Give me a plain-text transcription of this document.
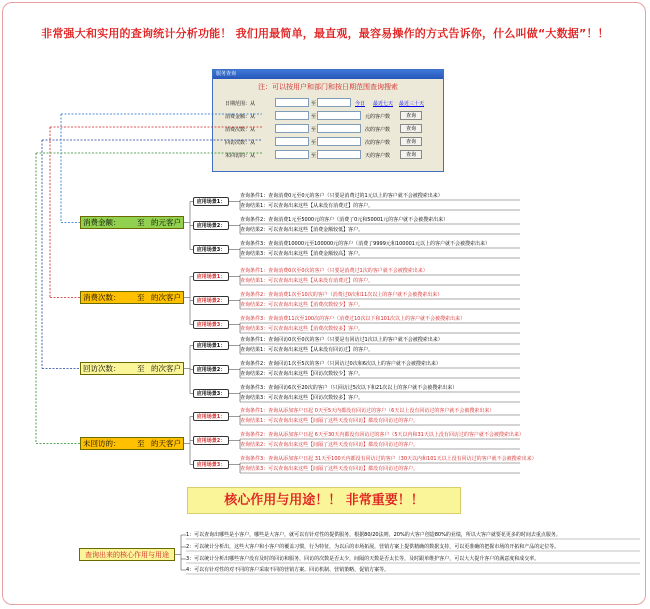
非常强大和实用的查询统计分析功能！ 我们用最简单，最直观，最容易操作的方式告诉你，什么叫做“大数据”！！
服务查询
注：可以按用户和部门和按日期范围查询搜索
日期范围：从	至	今日 最近七天 最近三十天
消费金额：从	至	元的客户数	查询
消费次数：从	至	次的客户数	查询
回访次数：从	至	次的客户数	查询
未回访的：从	至	天的客户数	查询
消费金额： 至 的元客户
应用场景1：
查询条件1：查询消费0元至0元的客户（只要是消费过的1元以上的客户就不会被搜索出来）
查询结果1：可以查询出来这些【从来没有消费过】的客户。
应用场景2：
查询条件2：查询消费1元至5000元的客户（消费了0元和50001元的客户就不会被搜索出来）
查询结果2：可以查询出来这些【消费金额较低】客户。
应用场景3：
查询条件3：查询消费10000元至100000元的客户（消费了9999元和100001元以上的客户就不会被搜索出来）
查询结果3：可以查询出来这些【消费金额较高】客户。
消费次数： 至 的次客户
应用场景1：
查询条件1：查询消费0次至0次的客户（只要是消费过1次的客户就不会被搜索出来）
查询结果1：可以查询出来这些【从来没有消费过】的客户。
应用场景2：
查询条件2：查询消费1次至10次的客户（消费过0次和11次以上的客户就不会被搜索出来）
查询结果2：可以查询出来这些【消费次数较少】客户。
应用场景3：
查询条件3：查询消费11次至100次的客户（消费过10次以下和101次以上的客户就不会被搜索出来）
查询结果3：可以查询出来这些【消费次数较多】客户。
回访次数： 至 的次客户
应用场景1：
查询条件1：查询回访0次至0次的客户（只要是有回访过1次以上的客户就不会被搜索出来）
查询结果1：可以查询出来这些【从来没有回访过】的客户。
应用场景2：
查询条件2：查询回访1次至5次的客户（只回访过0次和6次以上的客户就不会被搜索出来）
查询结果2：可以查询出来这些【回访次数较少】客户。
应用场景3：
查询条件3：查询回访6次至20次的客户（只回访过5次以下和21次以上的客户就不会被搜索出来）
查询结果3：可以查询出来这些【回访次数较多】客户。
未回访的： 至 的天客户
应用场景1：
查询条件1：查询从添加客户日起 0天至5天内都没有回访过的客户（6天以上没有回访过的客户就不会被搜索出来）
查询结果1：可以查询出来这些【间隔了这些天没有回访】都没有回访过的客户。
应用场景2：
查询条件2：查询从添加客户日起 6天至30天内都没有回访过的客户（5天以内和31天以上没有回访过的客户就不会被搜索出来）
查询结果2：可以查询出来这些【间隔了这些天没有回访】都没有回访过的客户。
应用场景3：
查询条件3：查询从添加客户日起 31天至100天内都没有回访过的客户（30天以内和101天以上没有回访过的客户就不会被搜索出来）
查询结果3：可以查询出来这些【间隔了这些天没有回访】都没有回访过的客户。
核心作用与用途！！ 非常重要！！
查询出来的核心作用与用途
1：可以查询出哪些是小客户，哪些是大客户，就可以有针对性的提供服务，根据80/20法则，20%的大客户创造80%的业绩，所以大客户就要花更多的时间去重点服务。
2：可以统计分析出，这些大客户和小客户的覆盖习惯，行为特征，为以后的市场拓展，营销方案上提供精确的数据支持，可以更准确的把握市场的开拓和产品的定位等。
3：可以统计分析出哪些客户没有及时的回访和服务，回访的次数是否太少，间隔的天数是否太长等，及时跟单维护客户，可以大大提升客户的满意度和成交率。
4：可以有针对性的对不同的客户采取不同的营销方案、回访机制、营销策略、促销方案等。
